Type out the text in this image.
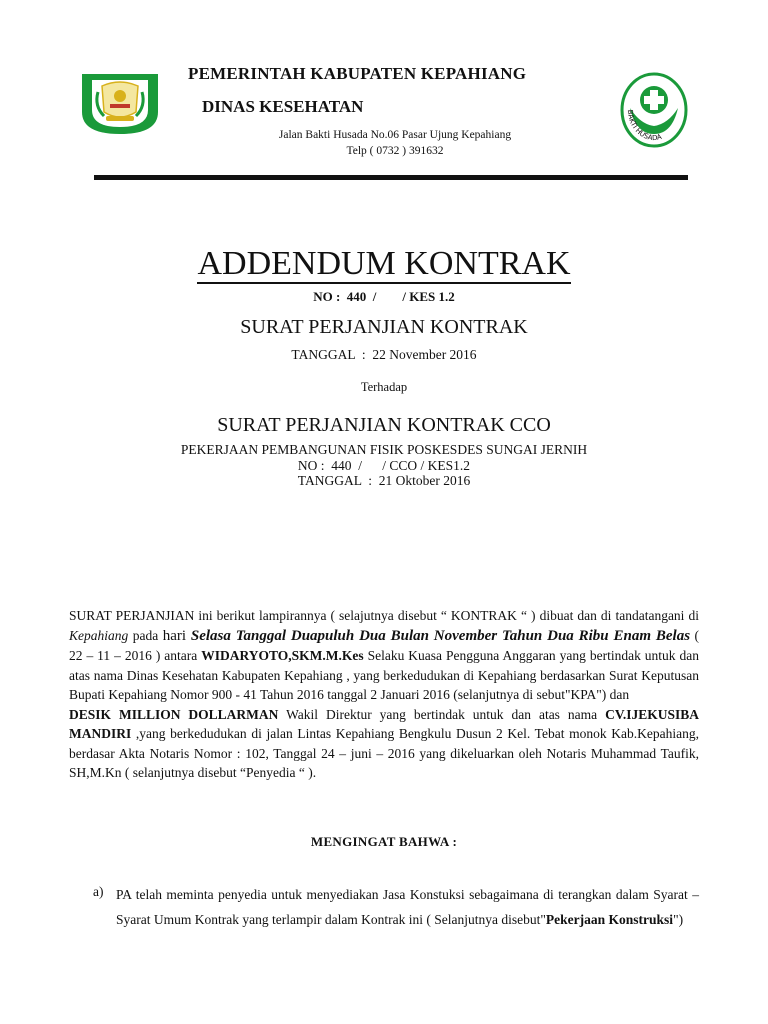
BAKTI HUSADA
PEMERINTAH KABUPATEN KEPAHIANG
DINAS KESEHATAN
Jalan Bakti Husada No.06 Pasar Ujung Kepahiang
Telp ( 0732 ) 391632
ADDENDUM KONTRAK
NO :  440  /        / KES 1.2
SURAT PERJANJIAN KONTRAK
TANGGAL  :  22 November 2016
Terhadap
SURAT PERJANJIAN KONTRAK CCO
PEKERJAAN PEMBANGUNAN FISIK POSKESDES SUNGAI JERNIH
NO :  440  /      / CCO / KES1.2
TANGGAL  :  21 Oktober 2016
SURAT PERJANJIAN ini berikut lampirannya ( selajutnya disebut “ KONTRAK “ ) dibuat dan di tandatangani di Kepahiang pada hari Selasa Tanggal Duapuluh Dua Bulan November Tahun Dua Ribu Enam Belas ( 22 – 11 – 2016 ) antara WIDARYOTO,SKM.M.Kes Selaku Kuasa Pengguna Anggaran yang bertindak untuk dan atas nama Dinas Kesehatan Kabupaten Kepahiang , yang berkedudukan di Kepahiang berdasarkan Surat Keputusan Bupati Kepahiang Nomor 900 - 41 Tahun 2016 tanggal 2 Januari 2016 (selanjutnya di sebut"KPA") dan
DESIK MILLION DOLLARMAN Wakil Direktur yang bertindak untuk dan atas nama CV.IJEKUSIBA MANDIRI ,yang berkedudukan di jalan Lintas Kepahiang Bengkulu Dusun 2 Kel. Tebat monok Kab.Kepahiang, berdasar Akta Notaris Nomor : 102, Tanggal 24 – juni – 2016 yang dikeluarkan oleh Notaris Muhammad Taufik, SH,M.Kn ( selanjutnya disebut “Penyedia “ ).
MENGINGAT BAHWA :
a) PA telah meminta penyedia untuk menyediakan Jasa Konstuksi sebagaimana di terangkan dalam Syarat –Syarat Umum Kontrak yang terlampir dalam Kontrak ini ( Selanjutnya disebut"Pekerjaan Konstruksi")
